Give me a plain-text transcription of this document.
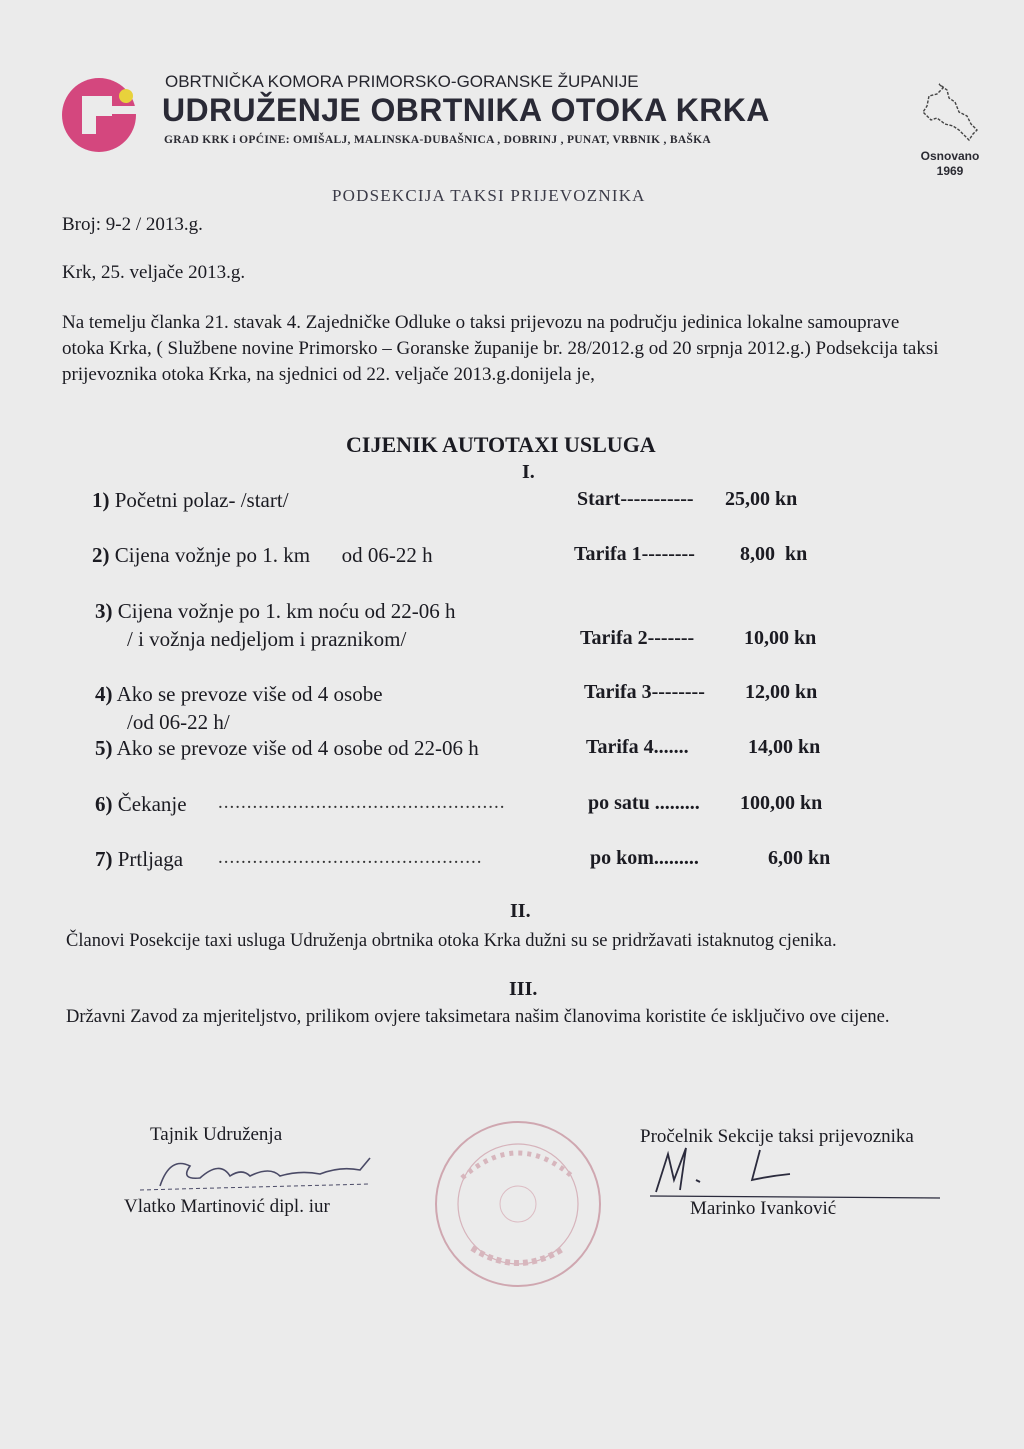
OBRTNIČKA KOMORA PRIMORSKO-GORANSKE ŽUPANIJE
UDRUŽENJE OBRTNIKA OTOKA KRKA
GRAD KRK i OPĆINE: OMIŠALJ, MALINSKA-DUBAŠNICA , DOBRINJ , PUNAT, VRBNIK , BAŠKA
Osnovano
1969
PODSEKCIJA TAKSI PRIJEVOZNIKA
Broj: 9-2 / 2013.g.
Krk, 25. veljače 2013.g.
Na temelju članka 21. stavak 4. Zajedničke Odluke o taksi prijevozu na području jedinica lokalne samouprave otoka Krka, ( Službene novine Primorsko – Goranske županije br. 28/2012.g od 20 srpnja 2012.g.) Podsekcija taksi prijevoznika otoka Krka, na sjednici od 22. veljače 2013.g.donijela je,
CIJENIK AUTOTAXI USLUGA
I.
1) Početni polaz- /start/	Start----------- 25,00 kn
2) Cijena vožnje po 1. km      od 06-22 h	Tarifa 1-------- 8,00  kn
3) Cijena vožnje po 1. km noću od 22-06 h
/ i vožnja nedjeljom i praznikom/	Tarifa 2------- 10,00 kn
4) Ako se prevoze više od 4 osobe
/od 06-22 h/
Tarifa 3-------- 12,00 kn
5) Ako se prevoze više od 4 osobe od 22-06 h	Tarifa 4.......	14,00 kn
6) Čekanje ..................................................	po satu ......... 100,00 kn
7) Prtljaga ..............................................	po kom.........	6,00 kn
II.
Članovi Posekcije taxi usluga Udruženja obrtnika otoka Krka dužni su se pridržavati istaknutog cjenika.
III.
Državni Zavod za mjeriteljstvo, prilikom ovjere taksimetara našim članovima koristite će isključivo ove cijene.
Tajnik Udruženja
Vlatko Martinović dipl. iur
Pročelnik Sekcije taksi prijevoznika
Marinko Ivanković
